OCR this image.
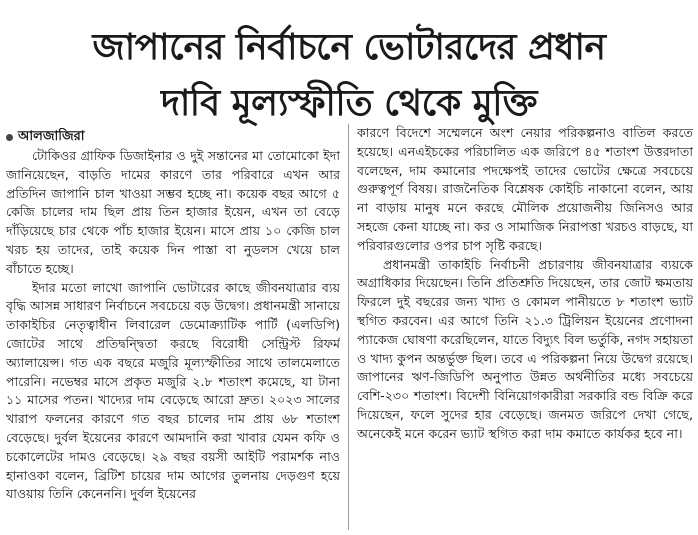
জাপানের নির্বাচনে ভোটারদের প্রধান
দাবি মূল্যস্ফীতি থেকে মুক্তি
আলজাজিরা

টোকিওর গ্রাফিক ডিজাইনার ও দুই সন্তানের মা তোমোকো ইদা জানিয়েছেন, বাড়তি দামের কারণে তার পরিবারে এখন আর প্রতিদিন জাপানি চাল খাওয়া সম্ভব হচ্ছে না। কয়েক বছর আগে ৫ কেজি চালের দাম ছিল প্রায় তিন হাজার ইয়েন, এখন তা বেড়ে দাঁড়িয়েছে চার থেকে পাঁচ হাজার ইয়েন। মাসে প্রায় ১০ কেজি চাল খরচ হয় তাদের, তাই কয়েক দিন পাস্তা বা নুডলস খেয়ে চাল বাঁচাতে হচ্ছে।

ইদার মতো লাখো জাপানি ভোটারের কাছে জীবনযাত্রার ব্যয় বৃদ্ধি আসন্ন সাধারণ নির্বাচনে সবচেয়ে বড় উদ্বেগ। প্রধানমন্ত্রী সানায়ে তাকাইচির নেতৃত্বাধীন লিবারেল ডেমোক্র্যাটিক পার্টি (এলডিপি) জোটের সাথে প্রতিদ্বন্দ্বিতা করছে বিরোধী সেন্ট্রিস্ট রিফর্ম অ্যালায়েন্স। গত এক বছরে মজুরি মূল্যস্ফীতির সাথে তালমেলাতে পারেনি। নভেম্বর মাসে প্রকৃত মজুরি ২.৮ শতাংশ কমেছে, যা টানা ১১ মাসের পতন। খাদ্যের দাম বেড়েছে আরো দ্রুত। ২০২৩ সালের খারাপ ফলনের কারণে গত বছর চালের দাম প্রায় ৬৮ শতাংশ বেড়েছে। দুর্বল ইয়েনের কারণে আমদানি করা খাবার যেমন কফি ও চকোলেটের দামও বেড়েছে। ২৯ বছর বয়সী আইটি পরামর্শক নাও হানাওকা বলেন, ব্রিটিশ চায়ের দাম আগের তুলনায় দেড়গুণ হয়ে যাওয়ায় তিনি কেনেননি। দুর্বল ইয়েনের

কারণে বিদেশে সম্মেলনে অংশ নেয়ার পরিকল্পনাও বাতিল করতে হয়েছে। এনএইচকের পরিচালিত এক জরিপে ৪৫ শতাংশ উত্তরদাতা বলেছেন, দাম কমানোর পদক্ষেপই তাদের ভোটের ক্ষেত্রে সবচেয়ে গুরুত্বপূর্ণ বিষয়। রাজনৈতিক বিশ্লেষক কোইচি নাকানো বলেন, আয় না বাড়ায় মানুষ মনে করছে মৌলিক প্রয়োজনীয় জিনিসও আর সহজে কেনা যাচ্ছে না। কর ও সামাজিক নিরাপত্তা খরচও বাড়ছে, যা পরিবারগুলোর ওপর চাপ সৃষ্টি করছে।

প্রধানমন্ত্রী তাকাইচি নির্বাচনী প্রচারণায় জীবনযাত্রার ব্যয়কে অগ্রাধিকার দিয়েছেন। তিনি প্রতিশ্রুতি দিয়েছেন, তার জোট ক্ষমতায় ফিরলে দুই বছরের জন্য খাদ্য ও কোমল পানীয়তে ৮ শতাংশ ভ্যাট স্থগিত করবেন। এর আগে তিনি ২১.৩ ট্রিলিয়ন ইয়েনের প্রণোদনা প্যাকেজ ঘোষণা করেছিলেন, যাতে বিদ্যুৎ বিল ভর্তুকি, নগদ সহায়তা ও খাদ্য কুপন অন্তর্ভুক্ত ছিল। তবে এ পরিকল্পনা নিয়ে উদ্বেগ রয়েছে। জাপানের ঋণ-জিডিপি অনুপাত উন্নত অর্থনীতির মধ্যে সবচেয়ে বেশি-২৩০ শতাংশ। বিদেশী বিনিয়োগকারীরা সরকারি বন্ড বিক্রি করে দিয়েছেন, ফলে সুদের হার বেড়েছে। জনমত জরিপে দেখা গেছে, অনেকেই মনে করেন ভ্যাট স্থগিত করা দাম কমাতে কার্যকর হবে না।
